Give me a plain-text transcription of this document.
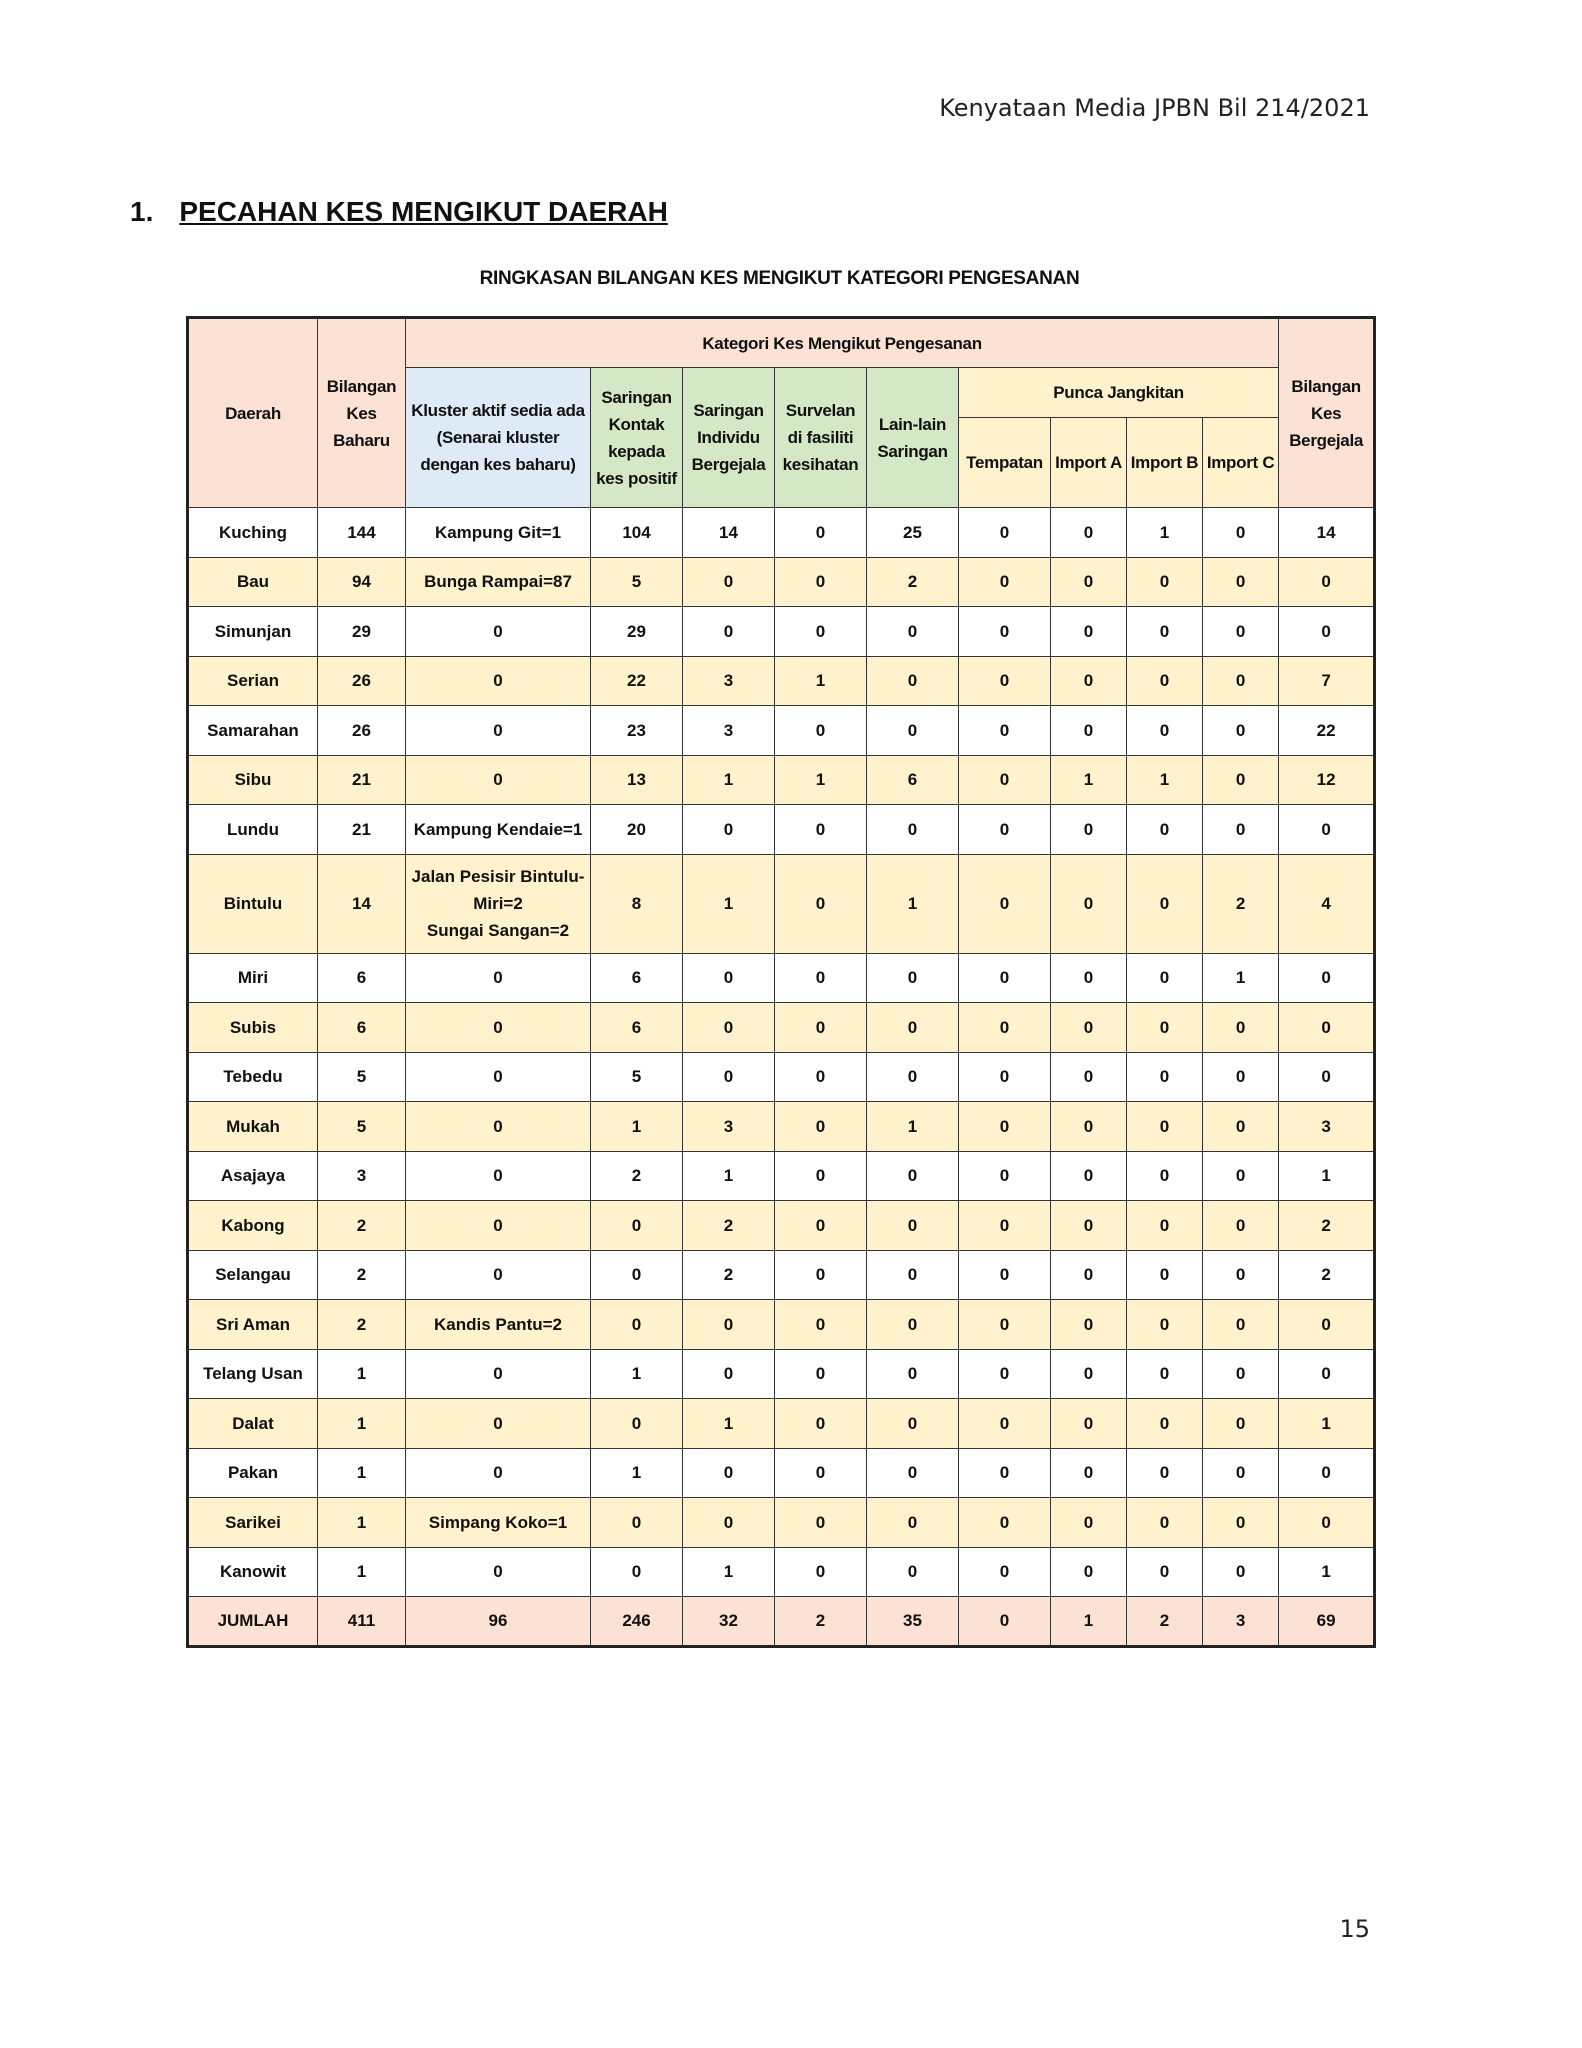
Kenyataan Media JPBN Bil 214/2021
1. PECAHAN KES MENGIKUT DAERAH
RINGKASAN BILANGAN KES MENGIKUT KATEGORI PENGESANAN
Daerah	Bilangan Kes Baharu	Kategori Kes Mengikut Pengesanan									Bilangan Kes Bergejala
		Kluster aktif sedia ada (Senarai kluster dengan kes baharu)	Saringan Kontak kepada kes positif	Saringan Individu Bergejala	Survelan di fasiliti kesihatan	Lain-lain Saringan	Punca Jangkitan				
							Tempatan	Import A	Import B	Import C	
Kuching	144	Kampung Git=1	104	14	0	25	0	0	1	0	14
Bau	94	Bunga Rampai=87	5	0	0	2	0	0	0	0	0
Simunjan	29	0	29	0	0	0	0	0	0	0	0
Serian	26	0	22	3	1	0	0	0	0	0	7
Samarahan	26	0	23	3	0	0	0	0	0	0	22
Sibu	21	0	13	1	1	6	0	1	1	0	12
Lundu	21	Kampung Kendaie=1	20	0	0	0	0	0	0	0	0
Bintulu	14	Jalan Pesisir Bintulu-Miri=2
Sungai Sangan=2	8	1	0	1	0	0	0	2	4
Miri	6	0	6	0	0	0	0	0	0	1	0
Subis	6	0	6	0	0	0	0	0	0	0	0
Tebedu	5	0	5	0	0	0	0	0	0	0	0
Mukah	5	0	1	3	0	1	0	0	0	0	3
Asajaya	3	0	2	1	0	0	0	0	0	0	1
Kabong	2	0	0	2	0	0	0	0	0	0	2
Selangau	2	0	0	2	0	0	0	0	0	0	2
Sri Aman	2	Kandis Pantu=2	0	0	0	0	0	0	0	0	0
Telang Usan	1	0	1	0	0	0	0	0	0	0	0
Dalat	1	0	0	1	0	0	0	0	0	0	1
Pakan	1	0	1	0	0	0	0	0	0	0	0
Sarikei	1	Simpang Koko=1	0	0	0	0	0	0	0	0	0
Kanowit	1	0	0	1	0	0	0	0	0	0	1
JUMLAH	411	96	246	32	2	35	0	1	2	3	69
15
